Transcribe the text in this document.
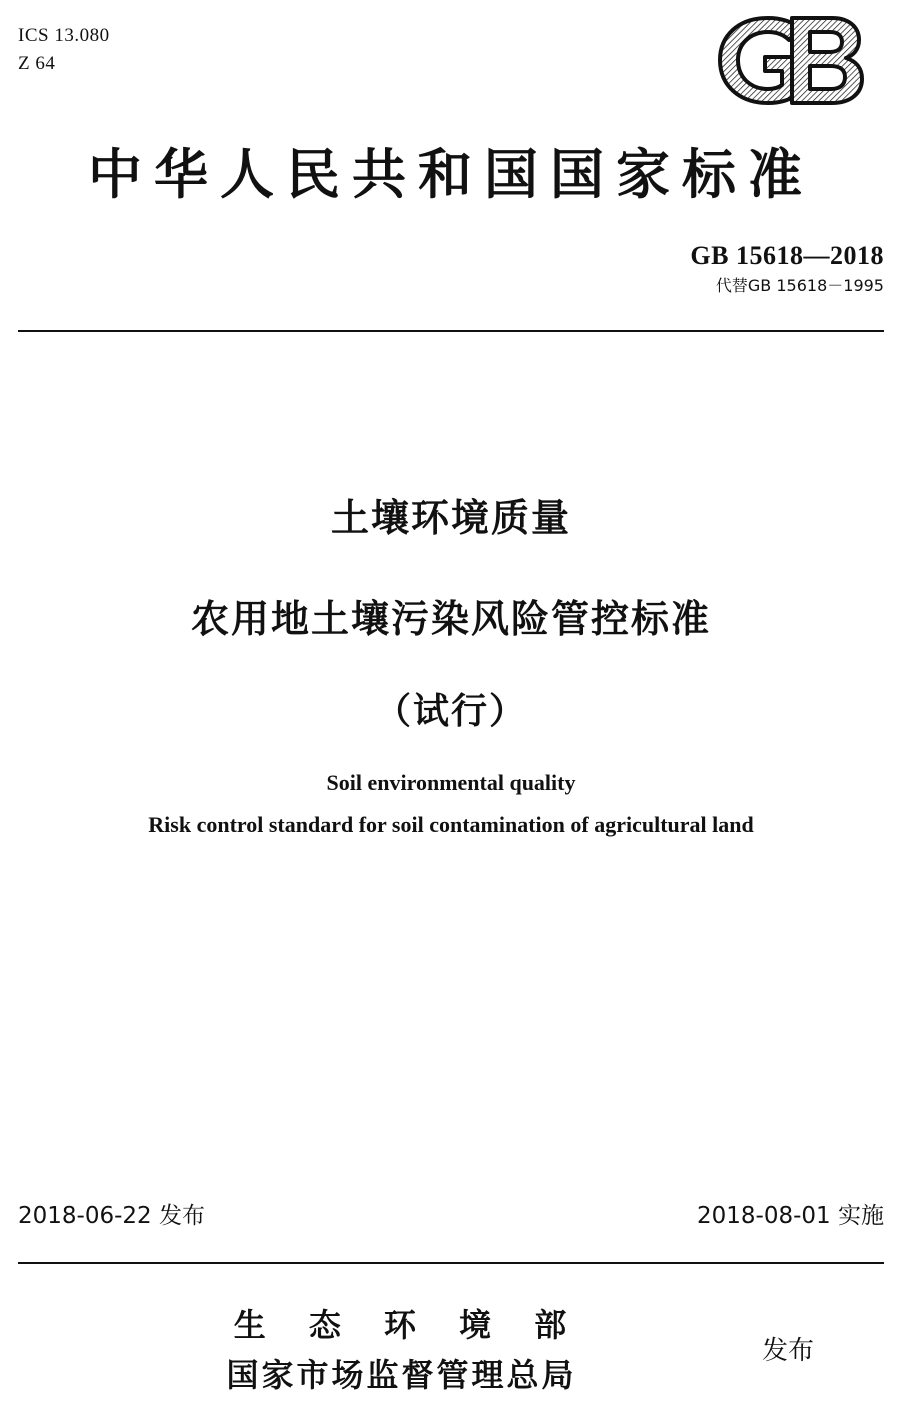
ICS 13.080
Z 64
中华人民共和国国家标准
GB 15618—2018
代替GB 15618－1995
土壤环境质量
农用地土壤污染风险管控标准
（试行）
Soil environmental quality
Risk control standard for soil contamination of agricultural land
2018-06-22 发布	2018-08-01 实施
生 态 环 境 部
国家市场监督管理总局
发布
